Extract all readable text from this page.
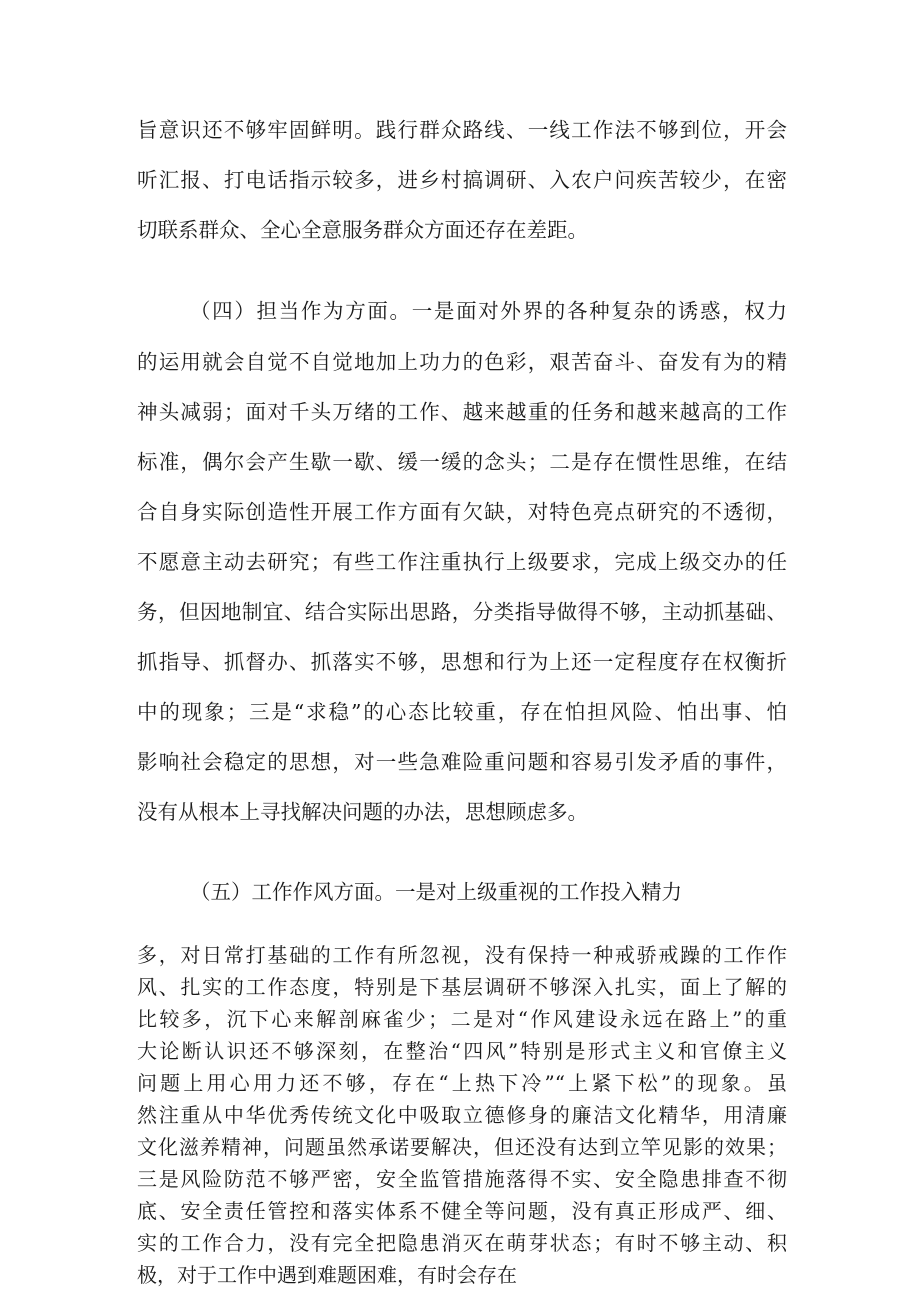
旨意识还不够牢固鲜明。践行群众路线、一线工作法不够到位，开会
听汇报、打电话指示较多，进乡村搞调研、入农户问疾苦较少，在密
切联系群众、全心全意服务群众方面还存在差距。
（四）担当作为方面。一是面对外界的各种复杂的诱惑，权力
的运用就会自觉不自觉地加上功力的色彩，艰苦奋斗、奋发有为的精
神头减弱；面对千头万绪的工作、越来越重的任务和越来越高的工作
标准，偶尔会产生歇一歇、缓一缓的念头；二是存在惯性思维，在结
合自身实际创造性开展工作方面有欠缺，对特色亮点研究的不透彻，
不愿意主动去研究；有些工作注重执行上级要求，完成上级交办的任
务，但因地制宜、结合实际出思路，分类指导做得不够，主动抓基础、
抓指导、抓督办、抓落实不够，思想和行为上还一定程度存在权衡折
中的现象；三是“求稳”的心态比较重，存在怕担风险、怕出事、怕
影响社会稳定的思想，对一些急难险重问题和容易引发矛盾的事件，
没有从根本上寻找解决问题的办法，思想顾虑多。
（五）工作作风方面。一是对上级重视的工作投入精力
多，对日常打基础的工作有所忽视，没有保持一种戒骄戒躁的工作作
风、扎实的工作态度，特别是下基层调研不够深入扎实，面上了解的
比较多，沉下心来解剖麻雀少；二是对“作风建设永远在路上”的重
大论断认识还不够深刻，在整治“四风”特别是形式主义和官僚主义
问题上用心用力还不够，存在“上热下冷”“上紧下松”的现象。虽
然注重从中华优秀传统文化中吸取立德修身的廉洁文化精华，用清廉
文化滋养精神，问题虽然承诺要解决，但还没有达到立竿见影的效果；
三是风险防范不够严密，安全监管措施落得不实、安全隐患排查不彻
底、安全责任管控和落实体系不健全等问题，没有真正形成严、细、
实的工作合力，没有完全把隐患消灭在萌芽状态；有时不够主动、积
极，对于工作中遇到难题困难，有时会存在
